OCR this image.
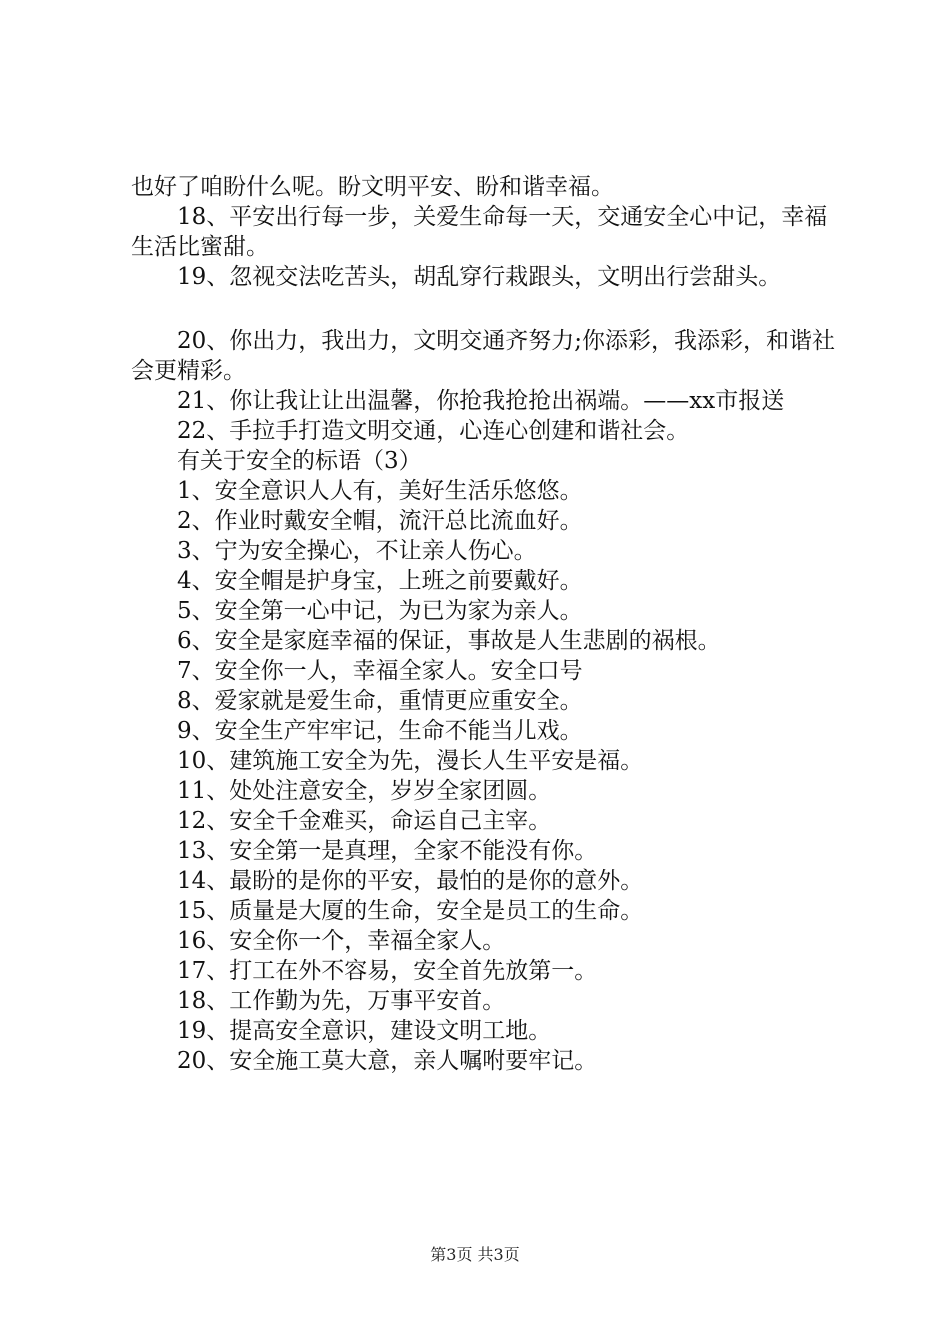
也好了咱盼什么呢。盼文明平安、盼和谐幸福。

18、平安出行每一步，关爱生命每一天，交通安全心中记，幸福生活比蜜甜。

19、忽视交法吃苦头，胡乱穿行栽跟头，文明出行尝甜头。

20、你出力，我出力，文明交通齐努力;你添彩，我添彩，和谐社会更精彩。

21、你让我让让出温馨，你抢我抢抢出祸端。——xx市报送

22、手拉手打造文明交通，心连心创建和谐社会。

有关于安全的标语（3）

1、安全意识人人有，美好生活乐悠悠。

2、作业时戴安全帽，流汗总比流血好。

3、宁为安全操心，不让亲人伤心。

4、安全帽是护身宝，上班之前要戴好。

5、安全第一心中记，为已为家为亲人。

6、安全是家庭幸福的保证，事故是人生悲剧的祸根。

7、安全你一人，幸福全家人。安全口号

8、爱家就是爱生命，重情更应重安全。

9、安全生产牢牢记，生命不能当儿戏。

10、建筑施工安全为先，漫长人生平安是福。

11、处处注意安全，岁岁全家团圆。

12、安全千金难买，命运自己主宰。

13、安全第一是真理，全家不能没有你。

14、最盼的是你的平安，最怕的是你的意外。

15、质量是大厦的生命，安全是员工的生命。

16、安全你一个，幸福全家人。

17、打工在外不容易，安全首先放第一。

18、工作勤为先，万事平安首。

19、提高安全意识，建设文明工地。

20、安全施工莫大意，亲人嘱咐要牢记。

第3页 共3页
